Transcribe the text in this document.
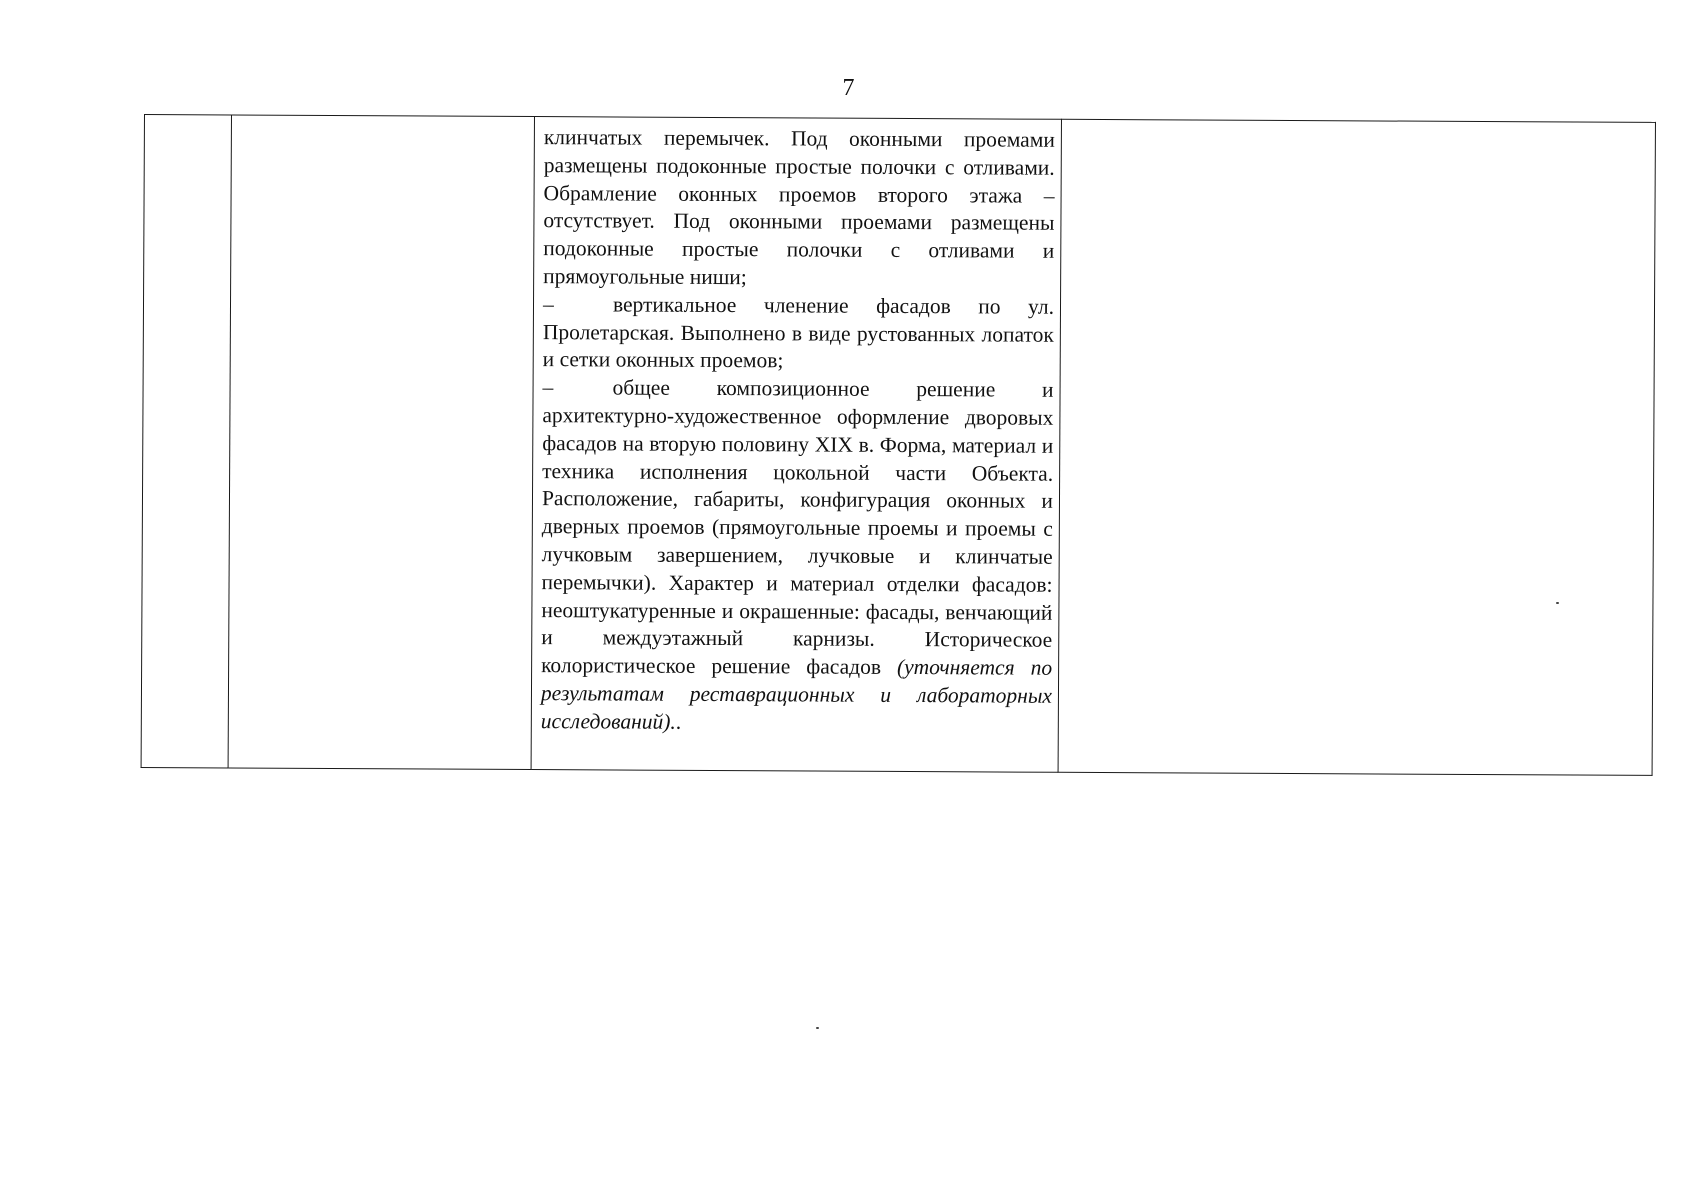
7

клинчатых перемычек. Под оконными проемами размещены подоконные простые полочки с отливами. Обрамление оконных проемов второго этажа – отсутствует. Под оконными проемами размещены подоконные простые полочки с отливами и прямоугольные ниши;

–	вертикальное членение фасадов по ул. Пролетарская. Выполнено в виде рустованных лопаток и сетки оконных проемов;

–	общее композиционное решение и архитектурно-художественное оформление дворовых фасадов на вторую половину XIX в. Форма, материал и техника исполнения цокольной части Объекта. Расположение, габариты, конфигурация оконных и дверных проемов (прямоугольные проемы и проемы с лучковым завершением, лучковые и клинчатые перемычки). Характер и материал отделки фасадов: неоштукатуренные и окрашенные: фасады, венчающий и междуэтажный карнизы. Историческое колористическое решение фасадов (уточняется по результатам реставрационных и лабораторных исследований)..
